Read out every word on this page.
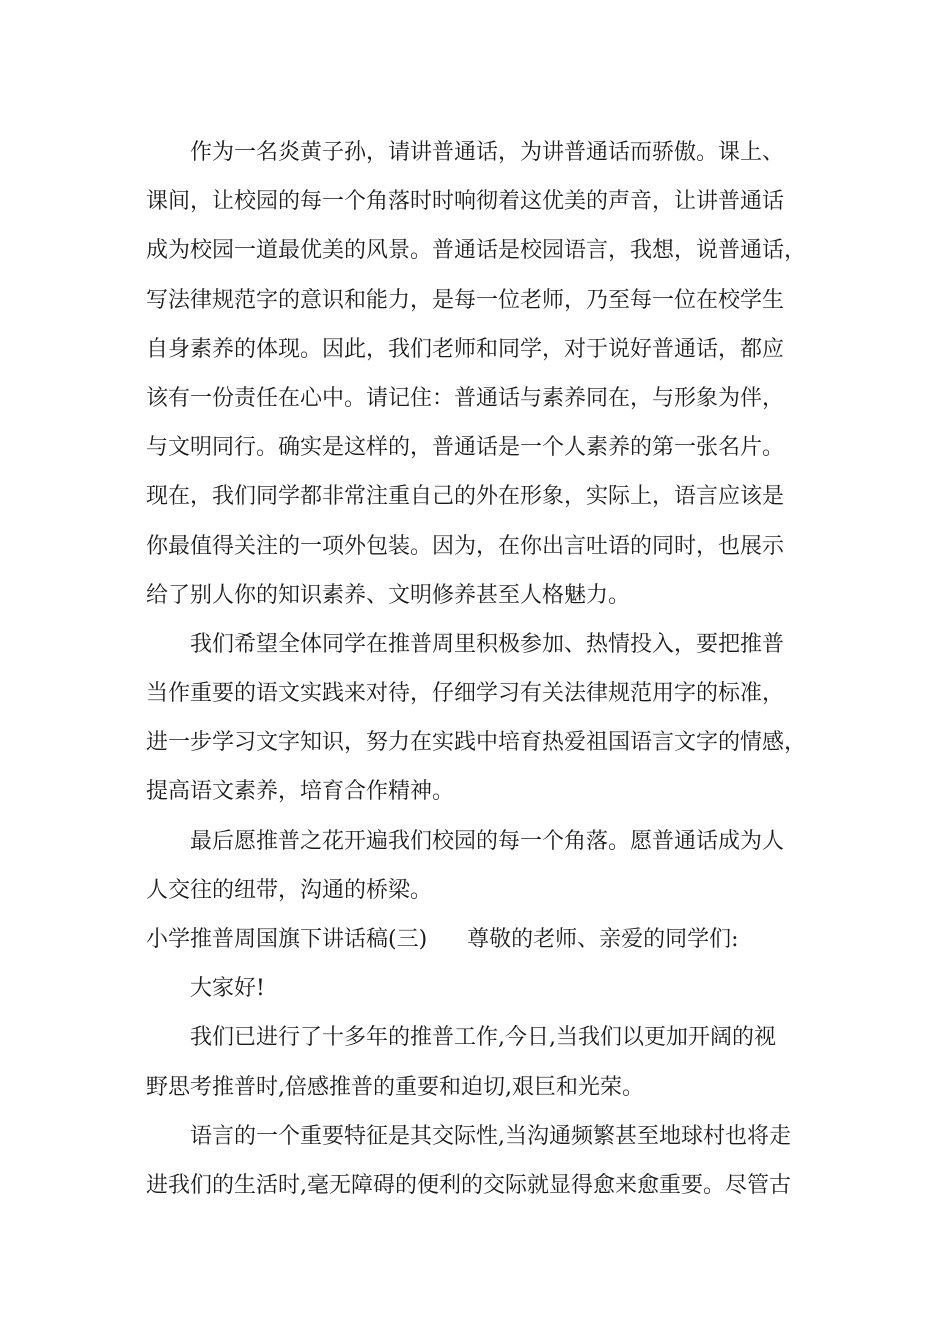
作为一名炎黄子孙，请讲普通话，为讲普通话而骄傲。课上、

课间，让校园的每一个角落时时响彻着这优美的声音，让讲普通话

成为校园一道最优美的风景。普通话是校园语言，我想，说普通话，

写法律规范字的意识和能力，是每一位老师，乃至每一位在校学生

自身素养的体现。因此，我们老师和同学，对于说好普通话，都应

该有一份责任在心中。请记住：普通话与素养同在，与形象为伴，

与文明同行。确实是这样的，普通话是一个人素养的第一张名片。

现在，我们同学都非常注重自己的外在形象，实际上，语言应该是

你最值得关注的一项外包装。因为，在你出言吐语的同时，也展示

给了别人你的知识素养、文明修养甚至人格魅力。

我们希望全体同学在推普周里积极参加、热情投入，要把推普

当作重要的语文实践来对待，仔细学习有关法律规范用字的标准，

进一步学习文字知识，努力在实践中培育热爱祖国语言文字的情感，

提高语文素养，培育合作精神。

最后愿推普之花开遍我们校园的每一个角落。愿普通话成为人

人交往的纽带，沟通的桥梁。

小学推普周国旗下讲话稿(三) 尊敬的老师、亲爱的同学们:

大家好!

我们已进行了十多年的推普工作,今日,当我们以更加开阔的视

野思考推普时,倍感推普的重要和迫切,艰巨和光荣。

语言的一个重要特征是其交际性,当沟通频繁甚至地球村也将走

进我们的生活时,毫无障碍的便利的交际就显得愈来愈重要。尽管古
